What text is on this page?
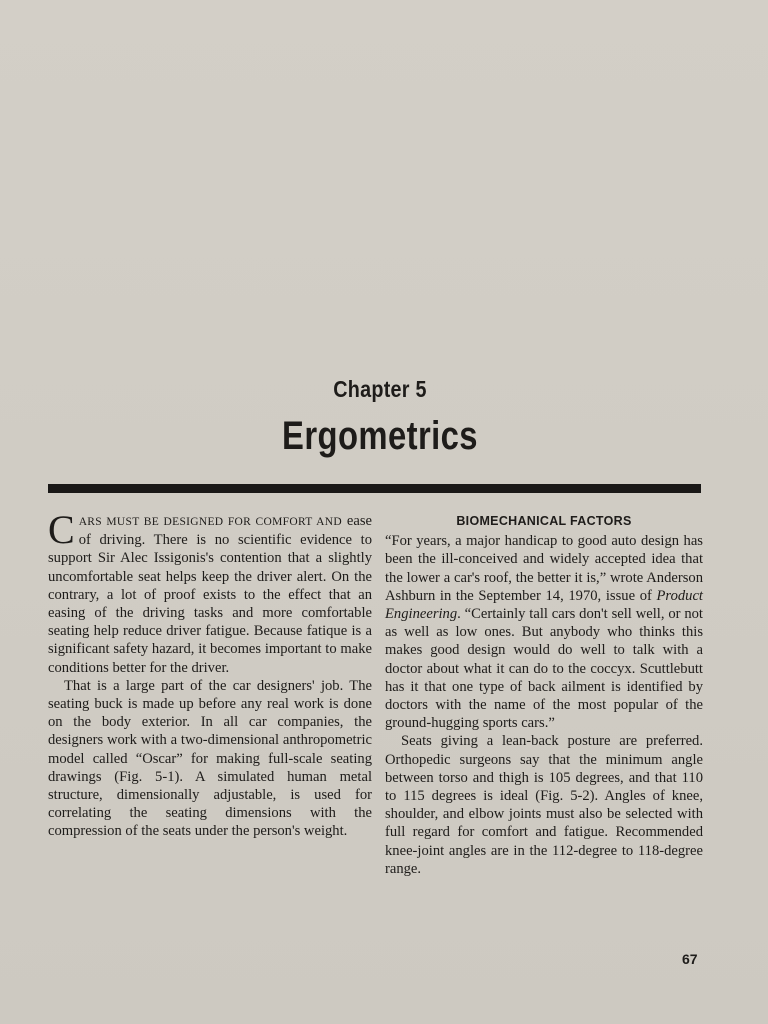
Chapter 5
Ergometrics

CARS MUST BE DESIGNED FOR COMFORT AND ease of driving. There is no scientific evidence to support Sir Alec Issigonis's contention that a slightly uncomfortable seat helps keep the driver alert. On the contrary, a lot of proof exists to the effect that an easing of the driving tasks and more comfortable seating help reduce driver fatigue. Because fatique is a significant safety hazard, it becomes important to make conditions better for the driver.

That is a large part of the car designers' job. The seating buck is made up before any real work is done on the body exterior. In all car companies, the designers work with a two-dimensional anthropometric model called “Oscar” for making full-scale seating drawings (Fig. 5-1). A simulated human metal structure, dimensionally adjustable, is used for correlating the seating dimensions with the compression of the seats under the person's weight.

BIOMECHANICAL FACTORS

“For years, a major handicap to good auto design has been the ill-conceived and widely accepted idea that the lower a car's roof, the better it is,” wrote Anderson Ashburn in the September 14, 1970, issue of Product Engineering. “Certainly tall cars don't sell well, or not as well as low ones. But anybody who thinks this makes good design would do well to talk with a doctor about what it can do to the coccyx. Scuttlebutt has it that one type of back ailment is identified by doctors with the name of the most popular of the ground-hugging sports cars.”

Seats giving a lean-back posture are preferred. Orthopedic surgeons say that the minimum angle between torso and thigh is 105 degrees, and that 110 to 115 degrees is ideal (Fig. 5-2). Angles of knee, shoulder, and elbow joints must also be selected with full regard for comfort and fatigue. Recommended knee-joint angles are in the 112-degree to 118-degree range.

67
